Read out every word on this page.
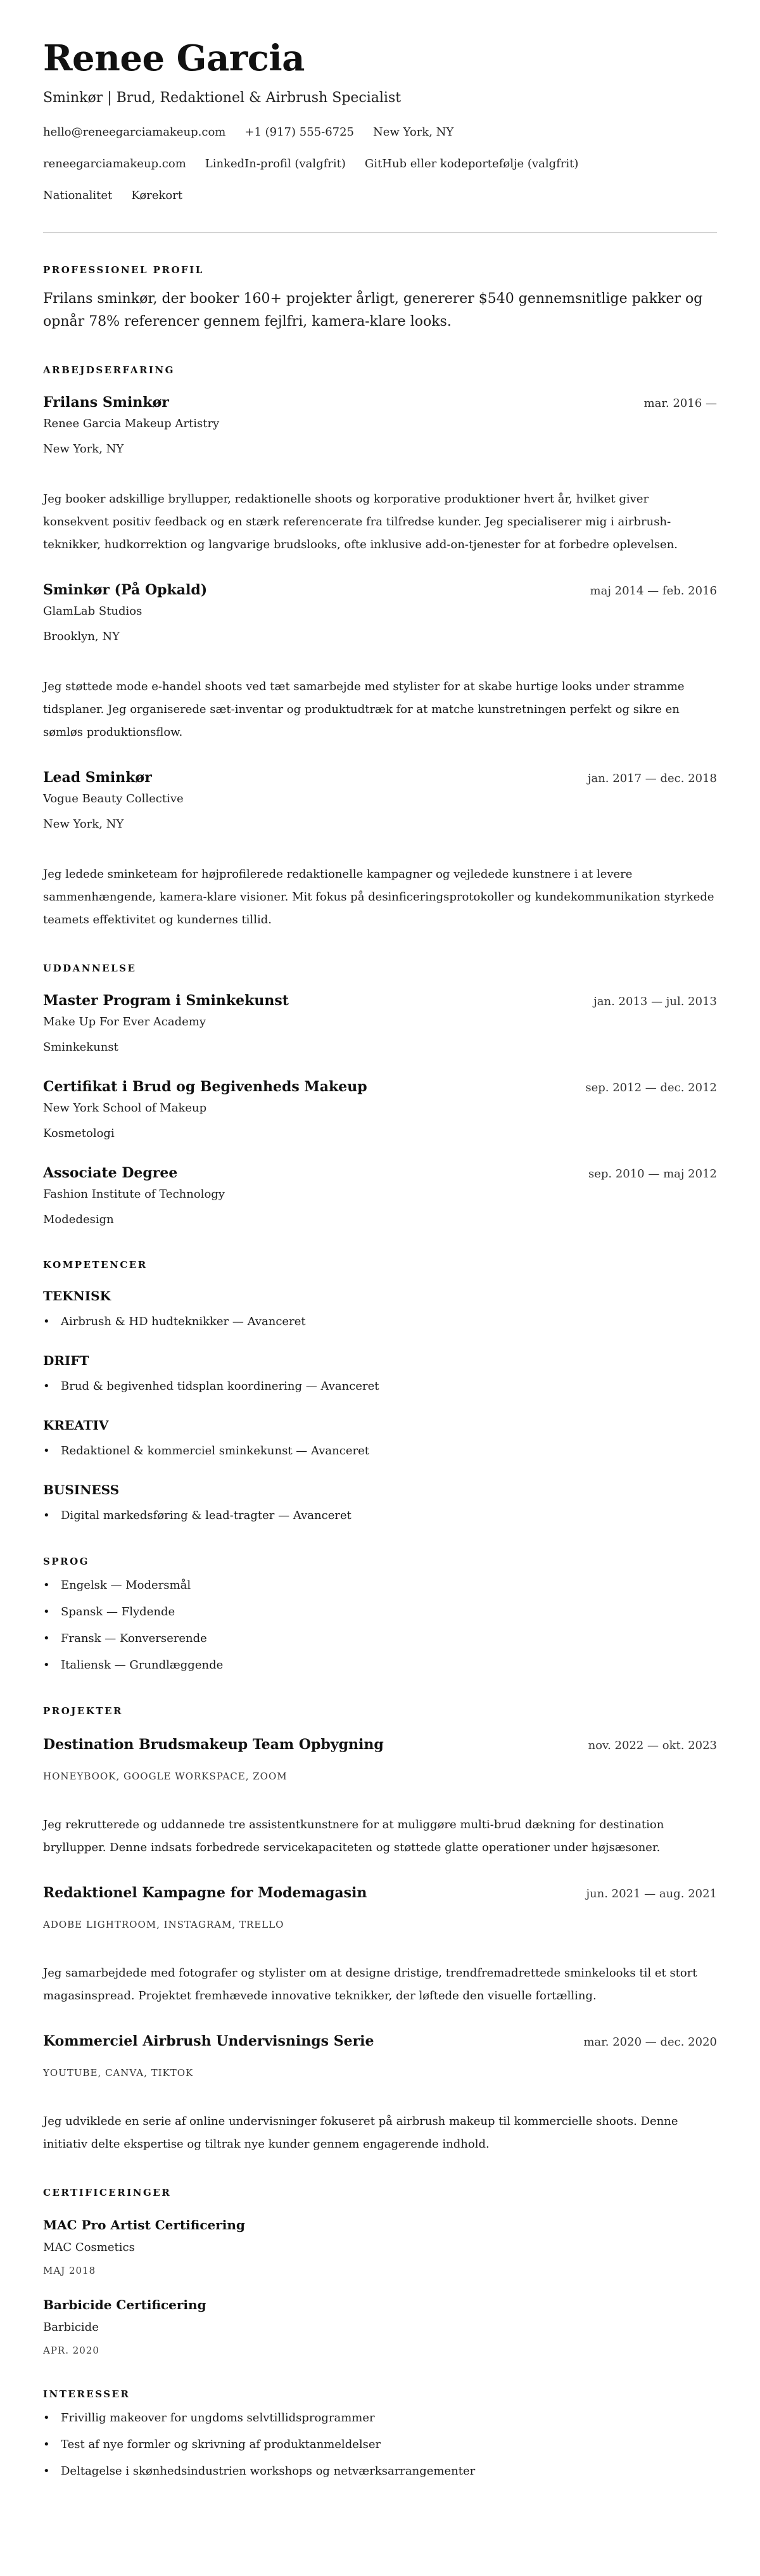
Renee Garcia
Sminkør | Brud, Redaktionel & Airbrush Specialist
hello@reneegarciamakeup.com +1 (917) 555-6725 New York, NY
reneegarciamakeup.com LinkedIn-profil (valgfrit) GitHub eller kodeportefølje (valgfrit)
Nationalitet Kørekort
PROFESSIONEL PROFIL

Frilans sminkør, der booker 160+ projekter årligt, genererer $540 gennemsnitlige pakker og opnår 78% referencer gennem fejlfri, kamera-klare looks.

ARBEJDSERFARING
Frilans Sminkør	mar. 2016 —
Renee Garcia Makeup Artistry
New York, NY

Jeg booker adskillige bryllupper, redaktionelle shoots og korporative produktioner hvert år, hvilket giver konsekvent positiv feedback og en stærk referencerate fra tilfredse kunder. Jeg specialiserer mig i airbrush-teknikker, hudkorrektion og langvarige brudslooks, ofte inklusive add-on-tjenester for at forbedre oplevelsen.

Sminkør (På Opkald)	maj 2014 — feb. 2016
GlamLab Studios
Brooklyn, NY

Jeg støttede mode e-handel shoots ved tæt samarbejde med stylister for at skabe hurtige looks under stramme tidsplaner. Jeg organiserede sæt-inventar og produktudtræk for at matche kunstretningen perfekt og sikre en sømløs produktionsflow.

Lead Sminkør	jan. 2017 — dec. 2018
Vogue Beauty Collective
New York, NY

Jeg ledede sminketeam for højprofilerede redaktionelle kampagner og vejledede kunstnere i at levere sammenhængende, kamera-klare visioner. Mit fokus på desinficeringsprotokoller og kundekommunikation styrkede teamets effektivitet og kundernes tillid.

UDDANNELSE
Master Program i Sminkekunst	jan. 2013 — jul. 2013
Make Up For Ever Academy
Sminkekunst
Certifikat i Brud og Begivenheds Makeup	sep. 2012 — dec. 2012
New York School of Makeup
Kosmetologi
Associate Degree	sep. 2010 — maj 2012
Fashion Institute of Technology
Modedesign
KOMPETENCER
TEKNISK
• Airbrush & HD hudteknikker — Avanceret
DRIFT
• Brud & begivenhed tidsplan koordinering — Avanceret
KREATIV
• Redaktionel & kommerciel sminkekunst — Avanceret
BUSINESS
• Digital markedsføring & lead-tragter — Avanceret
SPROG
• Engelsk — Modersmål
• Spansk — Flydende
• Fransk — Konverserende
• Italiensk — Grundlæggende
PROJEKTER
Destination Brudsmakeup Team Opbygning	nov. 2022 — okt. 2023
HONEYBOOK, GOOGLE WORKSPACE, ZOOM

Jeg rekrutterede og uddannede tre assistentkunstnere for at muliggøre multi-brud dækning for destination bryllupper. Denne indsats forbedrede servicekapaciteten og støttede glatte operationer under højsæsoner.

Redaktionel Kampagne for Modemagasin	jun. 2021 — aug. 2021
ADOBE LIGHTROOM, INSTAGRAM, TRELLO

Jeg samarbejdede med fotografer og stylister om at designe dristige, trendfremadrettede sminkelooks til et stort magasinspread. Projektet fremhævede innovative teknikker, der løftede den visuelle fortælling.

Kommerciel Airbrush Undervisnings Serie	mar. 2020 — dec. 2020
YOUTUBE, CANVA, TIKTOK

Jeg udviklede en serie af online undervisninger fokuseret på airbrush makeup til kommercielle shoots. Denne initiativ delte ekspertise og tiltrak nye kunder gennem engagerende indhold.

CERTIFICERINGER
MAC Pro Artist Certificering
MAC Cosmetics
MAJ 2018
Barbicide Certificering
Barbicide
APR. 2020
INTERESSER
• Frivillig makeover for ungdoms selvtillidsprogrammer
• Test af nye formler og skrivning af produktanmeldelser
• Deltagelse i skønhedsindustrien workshops og netværksarrangementer
